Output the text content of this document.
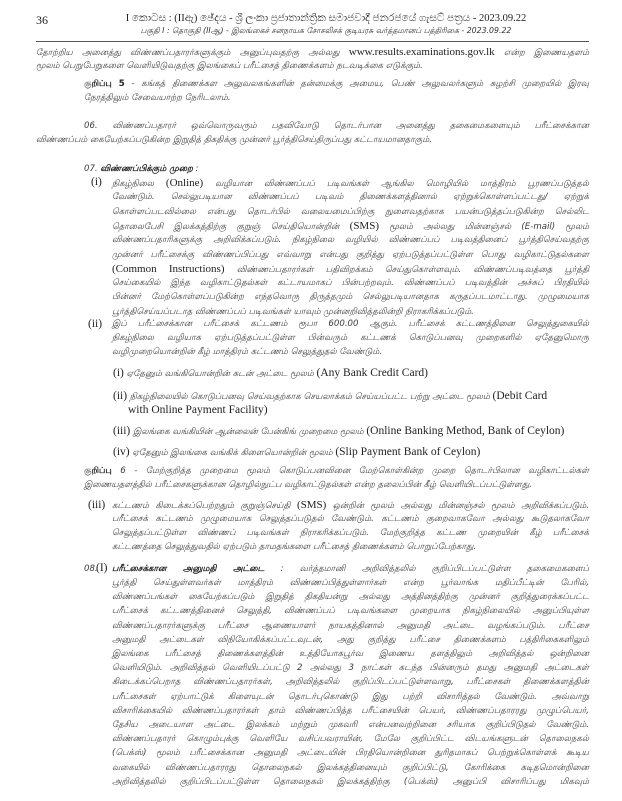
36	I කොටස : (IIඇ) ඡේදය - ශ්‍රී ලංකා ප්‍රජාතාන්ත්‍රික සමාජවාදී ජනරජයේ ගැසට් පත්‍රය - 2023.09.22
பகுதி I : தொகுதி (IIஆ) - இலங்கைச் சனநாயக சோசலிசக் குடியரசு வர்த்தமானப் பத்திரிகை - 2023.09.22
தோற்றிய அனைத்து விண்ணப்பதாரர்களுக்கும் அனுப்புவதற்கு அல்லது www.results.examinations.gov.lk என்ற இணையதளம்
மூலம் பெறுபேறுகளை வெளியிடுவதற்கு இலங்கைப் பரீட்சைத் திணைக்களம் நடவடிக்கை எடுக்கும்.
குறிப்பு 5 - கங்கத் திணைக்கள அலுவலகங்களின் தன்மைக்கு அமைய, பெண் அலுவலர்களும் சுழற்சி முறையில் இரவு
நேரத்திலும் சேவையாற்ற நேரிடலாம்.
06. விண்ணப்பதாரர் ஒவ்வொருவரும் பதவியோடு தொடர்பான அனைத்து தகைமைகளையும் பரீட்சைக்கான
விண்ணப்பம் கையேற்கப்படுகின்ற இறுதித் திகதிக்கு முன்னர் பூர்த்திசெய்திருப்பது கட்டாயமானதாகும்.
07. விண்ணப்பிக்கும் முறை :
(i) நிகழ்நிலை (Online) வழியான விண்ணப்பப் படிவங்கள் ஆங்கில மொழியில் மாத்திரம் பூரணப்படுத்தல்
வேண்டும். செல்லுபடியான விண்ணப்பப் படிவம் திணைக்களத்தினால் ஏற்றுக்கொள்ளப்பட்டது/ ஏற்றுக்
கொள்ளப்படவில்லை என்பது தொடர்பில் வலையமைப்பிற்கு நுளைவதற்காக பயன்படுத்தப்படுகின்ற செல்லிட
தொலைபேசி இலக்கத்திற்கு குறுஞ் செய்தியொன்றின் (SMS) மூலம் அல்லது மின்னஞ்சல் (E-mail) மூலம்
விண்ணப்பதாரிகளுக்கு அறிவிக்கப்படும். நிகழ்நிலை வழியில் விண்ணப்பப் படிவத்தினைப் பூர்த்திசெய்வதற்கு
முன்னர் பரீட்சைக்கு விண்ணப்பிப்பது எவ்வாறு என்பது குறித்து ஏற்படுத்தப்பட்டுள்ள பொது வழிகாட்டுதல்களை
(Common Instructions) விண்ணப்பதாரர்கள் பதிவிறக்கம் செய்துகொள்ளவும். விண்ணப்படிவத்தை பூர்த்தி
செய்கையில் இந்த வழிகாட்டுதல்கள் கட்டாயமாகப் பின்பற்றவும். விண்ணப்பப் படிவத்தின் அச்சுப் பிரதியில்
பின்னர் மேற்கொள்ளப்படுகின்ற எந்தவொரு திருத்தமும் செல்லுபடியானதாக கருதப்படமாட்டாது. முழுமையாக
பூர்த்திசெய்யப்படாத விண்ணப்பப் படிவங்கள் யாவும் முன்னறிவித்தலின்றி நிராகரிக்கப்படும்.
(ii) இப் பரீட்சைக்கான பரீட்சைக் கட்டணம் ரூபா 600.00 ஆகும். பரீட்சைக் கட்டணத்தினை செலுத்துகையில்
நிகழ்நிலை வழியாக ஏற்படுத்தப்பட்டுள்ள பின்வரும் கட்டணக் கொடுப்பனவு முறைகளில் ஏதேனுமொரு
வழிமுறையொன்றின் கீழ் மாத்திரம் கட்டணம் செலுத்துதல் வேண்டும்.
(i) ஏதேனும் வங்கியொன்றின் கடன் அட்டை மூலம் (Any Bank Credit Card)
(ii) நிகழ்நிலையில் கொடுப்பனவு செய்வதற்காக செயலாக்கம் செய்யப்பட்ட பற்று அட்டை மூலம் (Debit Card
with Online Payment Facility)
(iii) இலங்கை வங்கியின் ஆன்லைன் பேன்கிங் முறைமை மூலம் (Online Banking Method, Bank of Ceylon)
(iv) ஏதேனும் இலங்கை வங்கிக் கிளையொன்றின் மூலம் (Slip Payment Bank of Ceylon)
குறிப்பு 6 - மேற்குறித்த முறைமை மூலம் கொடுப்பனவினை மேற்கொள்கின்ற முறை தொடர்பிலான வழிகாட்டல்கள்
இணையதளத்தில் பரீட்சைகளுக்கான தொழில்நுட்ப வழிகாட்டுதல்கள் என்ற தலைப்பின் கீழ் வெளியிடப்பட்டுள்ளது.
(iii) கட்டணம் கிடைக்கப்பெற்றதும் குறுஞ்செய்தி (SMS) ஒன்றின் மூலம் அல்லது மின்னஞ்சல் மூலம் அறிவிக்கப்படும்.
பரீட்சைக் கட்டணம் முழுமையாக செலுத்தப்படுதல் வேண்டும். கட்டணம் குறைவாகவோ அல்லது கூடுதலாகவோ
செலுத்தப்பட்டுள்ள விண்ணப் படிவங்கள் நிராகரிக்கப்படும். மேற்குறித்த கட்டண முறையின் கீழ் பரீட்சைக்
கட்டணத்தை செலுத்துவதில் ஏற்படும் தாமதங்களை பரீட்சைத் திணைக்களம் பொறுப்பேற்காது.
08.
(I) பரீட்சைக்கான அனுமதி அட்டை : வர்த்தமானி அறிவித்தலில் குறிப்பிடப்பட்டுள்ள தகைமைகளைப்
பூர்த்தி செய்துள்ளவர்கள் மாத்திரம் விண்ணப்பித்துள்ளார்கள் என்ற பூர்வாங்க மதிப்பீட்டின் பேரில்,
விண்ணப்பங்கள் கையேற்கப்படும் இறுதித் திகதியன்று அல்லது அத்தினத்திற்கு முன்னர் குறித்துரைக்கப்பட்ட
பரீட்சைக் கட்டணத்தினைச் செலுத்தி, விண்ணப்பப் படிவங்களை முறையாக நிகழ்நிலையில் அனுப்பியுள்ள
விண்ணப்பதாரர்களுக்கு பரீட்சை ஆணையாளர் நாயகத்தினால் அனுமதி அட்டை வழங்கப்படும். பரீட்சை
அனுமதி அட்டைகள் விநியோகிக்கப்பட்டவுடன், அது குறித்து பரீட்சை திணைக்களம் பத்திரிகைகளிலும்
இலங்கை பரீட்சைத் திணைக்களத்தின் உத்தியோகபூர்வ இணைய தளத்திலும் அறிவித்தல் ஒன்றினை
வெளியிடும். அறிவித்தல் வெளியிடப்பட்டு 2 அல்லது 3 நாட்கள் கடந்த பின்னரும் தமது அனுமதி அட்டைகள்
கிடைக்கப்பெறாத விண்ணப்பதாரர்கள், அறிவித்தலில் குறிப்பிடப்பட்டுள்ளவாறு, பரீட்சைகள் திணைக்களத்தின்
பரீட்சைகள் ஏற்பாட்டுக் கிளையுடன் தொடர்புகொண்டு இது பற்றி விசாரித்தல் வேண்டும். அவ்வாறு
விசாரிக்கையில் விண்ணப்பதாரர்கள் தாம் விண்ணப்பித்த பரீட்சையின் பெயர், விண்ணப்பதாரரது முழுப்பெயர்,
தேசிய அடையாள அட்டை இலக்கம் மற்றும் முகவரி என்பனவற்றினை சரியாக குறிப்பிடுதல் வேண்டும்.
விண்ணப்பதாரர் கொழும்புக்கு வெளியே வசிப்பவராயின், மேலே குறிப்பிட்ட விடயங்களுடன் தொலைநகல்
(பெக்ஸ்) மூலம் பரீட்சைக்கான அனுமதி அட்டையின் பிரதியொன்றினை துரிதமாகப் பெற்றுக்கொள்ளக் கூடிய
வகையில் விண்ணப்பதாரரது தொலைநகல் இலக்கத்தினையும் குறிப்பிட்டு, கோரிக்கை கடிதமொன்றினை
அறிவித்தலில் குறிப்பிடப்பட்டுள்ள தொலைநகல் இலக்கத்திற்கு (பெக்ஸ்) அனுப்பி விசாரிப்பது மிகவும்
